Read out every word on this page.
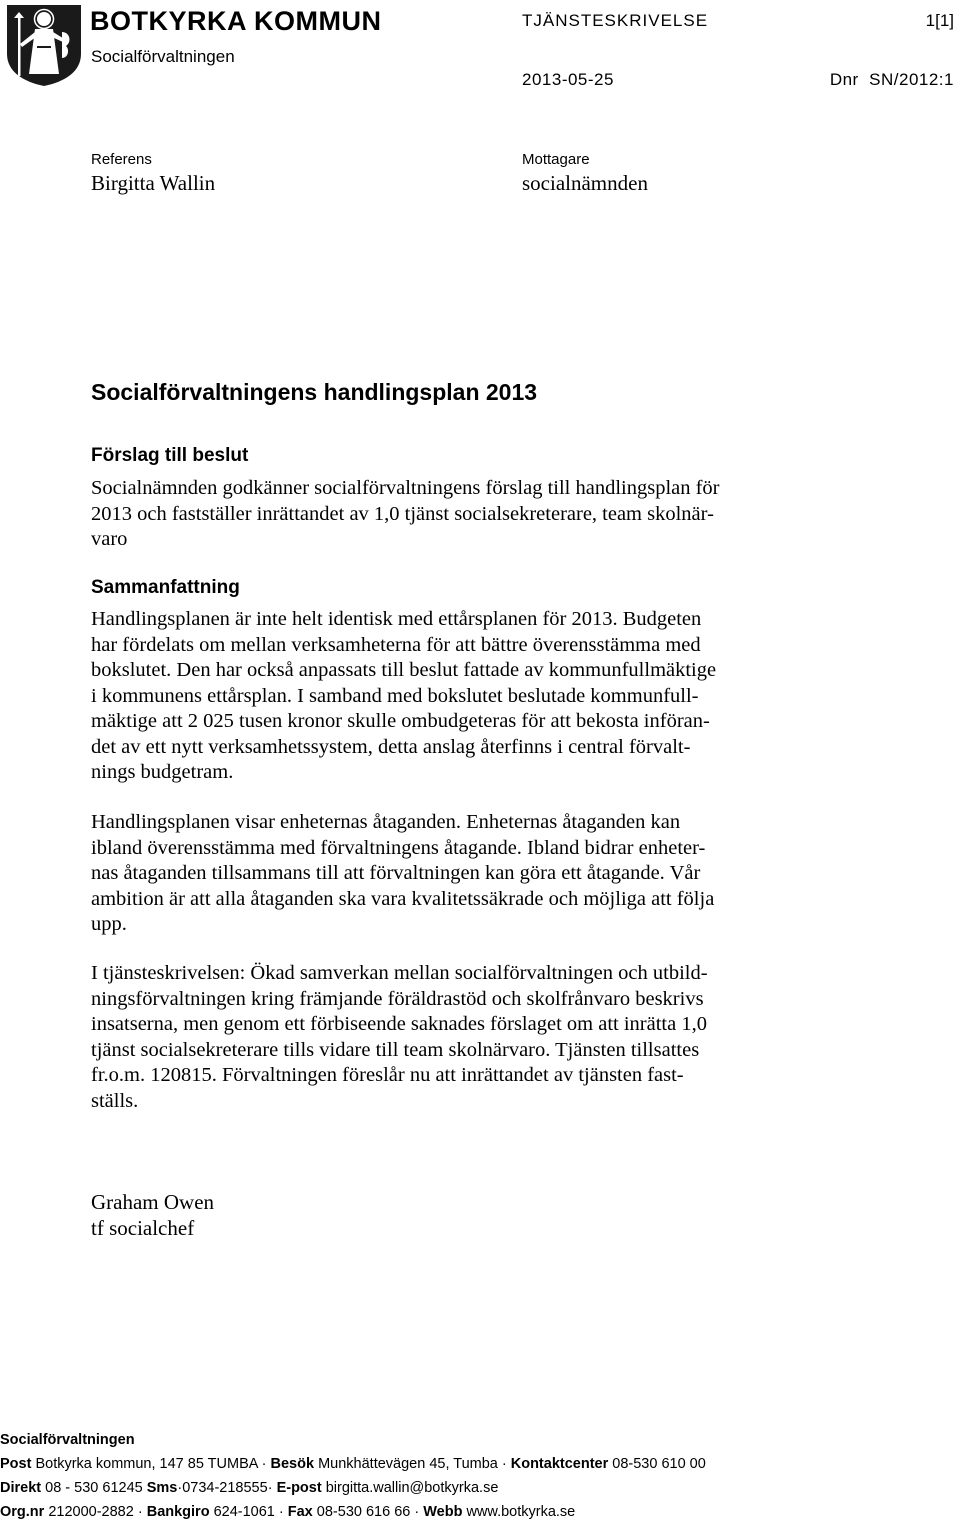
BOTKYRKA KOMMUN
Socialförvaltningen
TJÄNSTESKRIVELSE	1[1]
2013-05-25	Dnr  SN/2012:1
Referens
Birgitta Wallin
Mottagare
socialnämnden
Socialförvaltningens handlingsplan 2013
Förslag till beslut
Socialnämnden godkänner socialförvaltningens förslag till handlingsplan för
2013 och fastställer inrättandet av 1,0 tjänst socialsekreterare, team skolnär-
varo
Sammanfattning
Handlingsplanen är inte helt identisk med ettårsplanen för 2013. Budgeten
har fördelats om mellan verksamheterna för att bättre överensstämma med
bokslutet. Den har också anpassats till beslut fattade av kommunfullmäktige
i kommunens ettårsplan. I samband med bokslutet beslutade kommunfull-
mäktige att 2 025 tusen kronor skulle ombudgeteras för att bekosta införan-
det av ett nytt verksamhetssystem, detta anslag återfinns i central förvalt-
nings budgetram.
Handlingsplanen visar enheternas åtaganden. Enheternas åtaganden kan
ibland överensstämma med förvaltningens åtagande. Ibland bidrar enheter-
nas åtaganden tillsammans till att förvaltningen kan göra ett åtagande. Vår
ambition är att alla åtaganden ska vara kvalitetssäkrade och möjliga att följa
upp.
I tjänsteskrivelsen: Ökad samverkan mellan socialförvaltningen och utbild-
ningsförvaltningen kring främjande föräldrastöd och skolfrånvaro beskrivs
insatserna, men genom ett förbiseende saknades förslaget om att inrätta 1,0
tjänst socialsekreterare tills vidare till team skolnärvaro. Tjänsten tillsattes
fr.o.m. 120815. Förvaltningen föreslår nu att inrättandet av tjänsten fast-
ställs.
Graham Owen
tf socialchef
Socialförvaltningen
Post Botkyrka kommun, 147 85 TUMBA · Besök Munkhättevägen 45, Tumba · Kontaktcenter 08-530 610 00
Direkt 08 - 530 61245 Sms·0734-218555· E-post birgitta.wallin@botkyrka.se
Org.nr 212000-2882 · Bankgiro 624-1061 · Fax 08-530 616 66 · Webb www.botkyrka.se
